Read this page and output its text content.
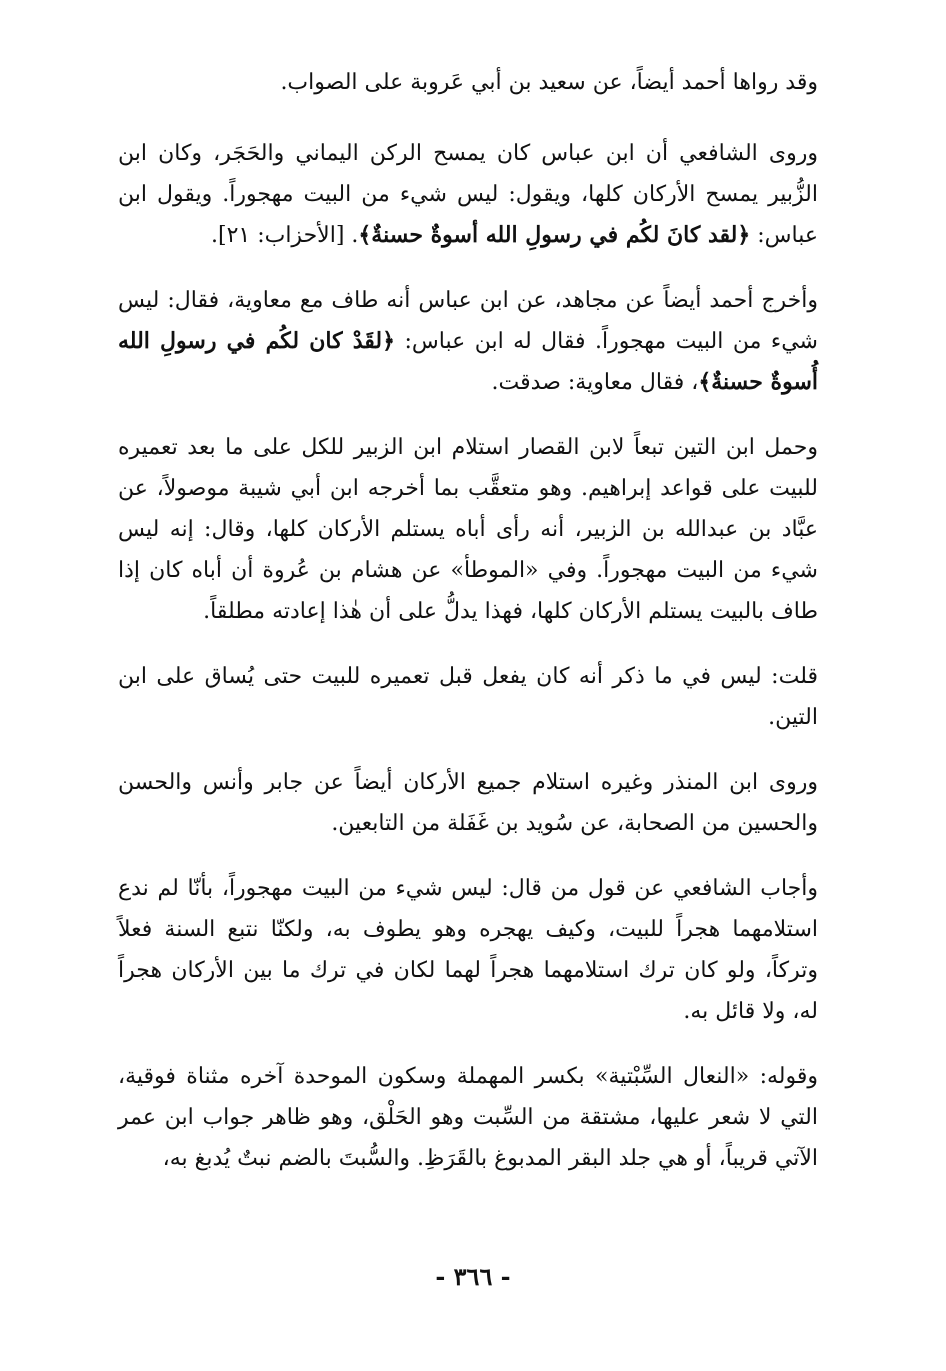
وقد رواها أحمد أيضاً، عن سعيد بن أبي عَروبة على الصواب.

وروى الشافعي أن ابن عباس كان يمسح الركن اليماني والحَجَر، وكان ابن الزُّبير يمسح الأركان كلها، ويقول: ليس شيء من البيت مهجوراً. ويقول ابن عباس: ﴿لقد كانَ لكُم في رسولِ الله أسوةٌ حسنةٌ﴾. [الأحزاب: ٢١].

وأخرج أحمد أيضاً عن مجاهد، عن ابن عباس أنه طاف مع معاوية، فقال: ليس شيء من البيت مهجوراً. فقال له ابن عباس: ﴿لقَدْ كان لكُم في رسولِ الله أُسوةٌ حسنةٌ﴾، فقال معاوية: صدقت.

وحمل ابن التين تبعاً لابن القصار استلام ابن الزبير للكل على ما بعد تعميره للبيت على قواعد إبراهيم. وهو متعقَّب بما أخرجه ابن أبي شيبة موصولاً، عن عبَّاد بن عبدالله بن الزبير، أنه رأى أباه يستلم الأركان كلها، وقال: إنه ليس شيء من البيت مهجوراً. وفي «الموطأ» عن هشام بن عُروة أن أباه كان إذا طاف بالبيت يستلم الأركان كلها، فهذا يدلُّ على أن هٰذا إعادته مطلقاً.

قلت: ليس في ما ذكر أنه كان يفعل قبل تعميره للبيت حتى يُساق على ابن التين.

وروى ابن المنذر وغيره استلام جميع الأركان أيضاً عن جابر وأنس والحسن والحسين من الصحابة، عن سُويد بن غَفَلة من التابعين.

وأجاب الشافعي عن قول من قال: ليس شيء من البيت مهجوراً، بأنّا لم ندع استلامهما هجراً للبيت، وكيف يهجره وهو يطوف به، ولكنّا نتبع السنة فعلاً وتركاً، ولو كان ترك استلامهما هجراً لهما لكان في ترك ما بين الأركان هجراً له، ولا قائل به.

وقوله: «النعال السِّبْتية» بكسر المهملة وسكون الموحدة آخره مثناة فوقية، التي لا شعر عليها، مشتقة من السِّبت وهو الحَلْق، وهو ظاهر جواب ابن عمر الآتي قريباً، أو هي جلد البقر المدبوغ بالقَرَظِ. والسُّبتَ بالضم نبتٌ يُدبغ به،

- ٣٦٦ -
